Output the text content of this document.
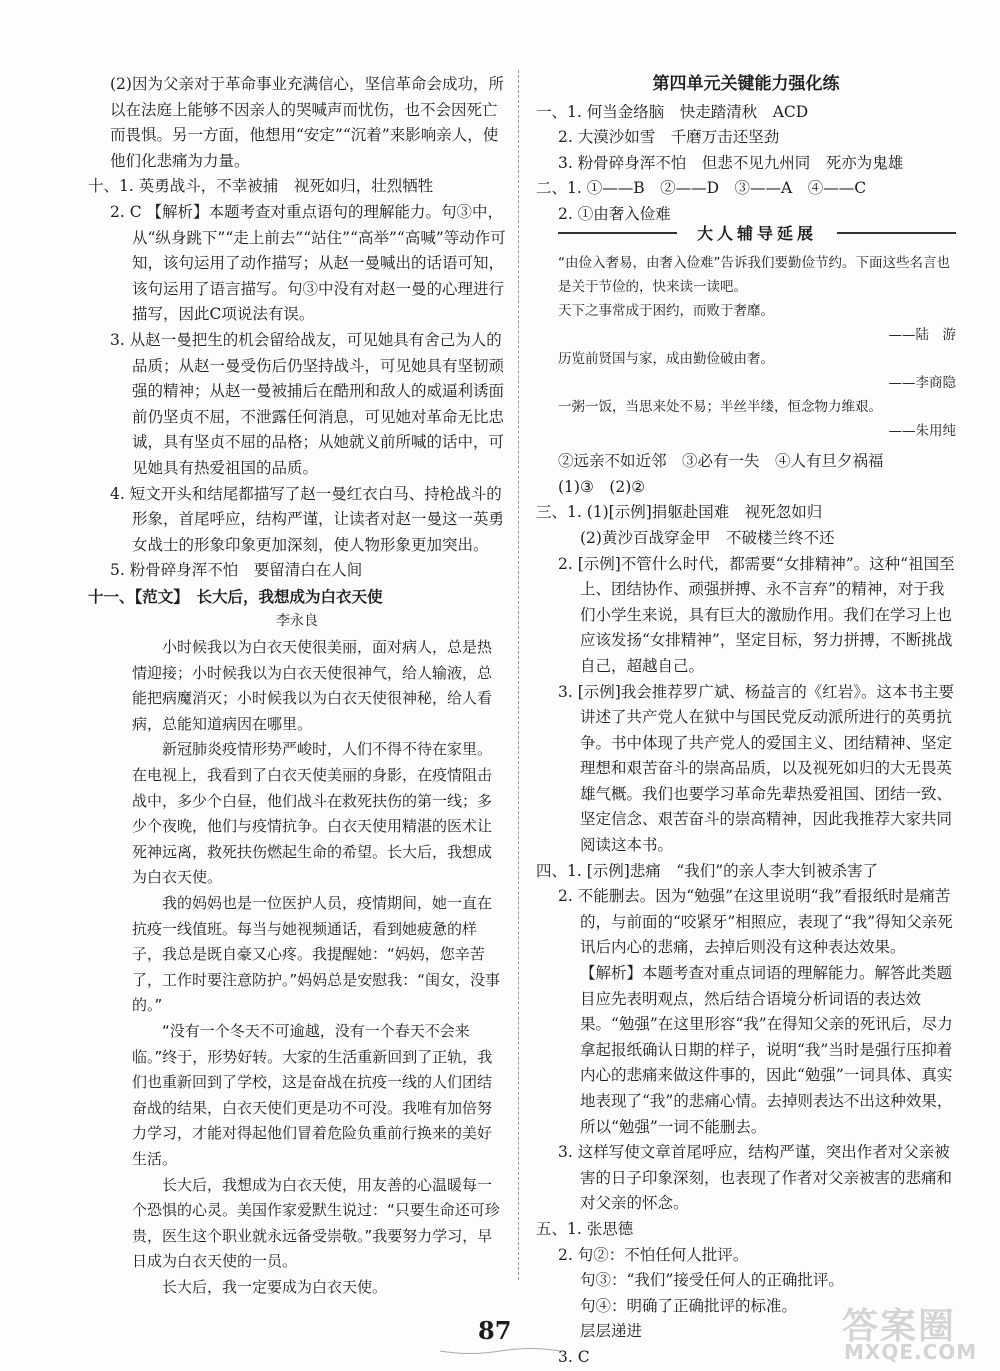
(2)因为父亲对于革命事业充满信心，坚信革命会成功，所以在法庭上能够不因亲人的哭喊声而忧伤，也不会因死亡而畏惧。另一方面，他想用“安定”“沉着”来影响亲人，使他们化悲痛为力量。

十、1. 英勇战斗，不幸被捕　视死如归，壮烈牺牲

2. C 【解析】本题考查对重点语句的理解能力。句③中，从“纵身跳下”“走上前去”“站住”“高举”“高喊”等动作可知，该句运用了动作描写；从赵一曼喊出的话语可知，该句运用了语言描写。句③中没有对赵一曼的心理进行描写，因此C项说法有误。

3. 从赵一曼把生的机会留给战友，可见她具有舍己为人的品质；从赵一曼受伤后仍坚持战斗，可见她具有坚韧顽强的精神；从赵一曼被捕后在酷刑和敌人的威逼利诱面前仍坚贞不屈，不泄露任何消息，可见她对革命无比忠诚，具有坚贞不屈的品格；从她就义前所喊的话中，可见她具有热爱祖国的品质。

4. 短文开头和结尾都描写了赵一曼红衣白马、持枪战斗的形象，首尾呼应，结构严谨，让读者对赵一曼这一英勇女战士的形象印象更加深刻，使人物形象更加突出。

5. 粉骨碎身浑不怕　要留清白在人间

十一、【范文】　长大后，我想成为白衣天使

李永良

小时候我以为白衣天使很美丽，面对病人，总是热情迎接；小时候我以为白衣天使很神气，给人输液，总能把病魔消灭；小时候我以为白衣天使很神秘，给人看病，总能知道病因在哪里。

新冠肺炎疫情形势严峻时，人们不得不待在家里。在电视上，我看到了白衣天使美丽的身影，在疫情阻击战中，多少个白昼，他们战斗在救死扶伤的第一线；多少个夜晚，他们与疫情抗争。白衣天使用精湛的医术让死神远离，救死扶伤燃起生命的希望。长大后，我想成为白衣天使。

我的妈妈也是一位医护人员，疫情期间，她一直在抗疫一线值班。每当与她视频通话，看到她疲惫的样子，我总是既自豪又心疼。我提醒她：“妈妈，您辛苦了，工作时要注意防护。”妈妈总是安慰我：“闺女，没事的。”

“没有一个冬天不可逾越，没有一个春天不会来临。”终于，形势好转。大家的生活重新回到了正轨，我们也重新回到了学校，这是奋战在抗疫一线的人们团结奋战的结果，白衣天使们更是功不可没。我唯有加倍努力学习，才能对得起他们冒着危险负重前行换来的美好生活。

长大后，我想成为白衣天使，用友善的心温暖每一个恐惧的心灵。美国作家爱默生说过：“只要生命还可珍贵，医生这个职业就永远备受崇敬。”我要努力学习，早日成为白衣天使的一员。

长大后，我一定要成为白衣天使。

第四单元关键能力强化练

一、1. 何当金络脑　快走踏清秋　ACD

2. 大漠沙如雪　千磨万击还坚劲

3. 粉骨碎身浑不怕　但悲不见九州同　死亦为鬼雄

二、1. ①——B　②——D　③——A　④——C

2. ①由奢入俭难

大人辅导延展

“由俭入奢易，由奢入俭难”告诉我们要勤俭节约。下面这些名言也是关于节俭的，快来读一读吧。

天下之事常成于困约，而败于奢靡。

——陆　游

历览前贤国与家，成由勤俭破由奢。

——李商隐

一粥一饭，当思来处不易；半丝半缕，恒念物力维艰。

——朱用纯

②远亲不如近邻　③必有一失　④人有旦夕祸福

(1)③　(2)②

三、1. (1)[示例]捐躯赴国难　视死忽如归

(2)黄沙百战穿金甲　不破楼兰终不还

2. [示例]不管什么时代，都需要“女排精神”。这种“祖国至上、团结协作、顽强拼搏、永不言弃”的精神，对于我们小学生来说，具有巨大的激励作用。我们在学习上也应该发扬“女排精神”，坚定目标，努力拼搏，不断挑战自己，超越自己。

3. [示例]我会推荐罗广斌、杨益言的《红岩》。这本书主要讲述了共产党人在狱中与国民党反动派所进行的英勇抗争。书中体现了共产党人的爱国主义、团结精神、坚定理想和艰苦奋斗的崇高品质，以及视死如归的大无畏英雄气概。我们也要学习革命先辈热爱祖国、团结一致、坚定信念、艰苦奋斗的崇高精神，因此我推荐大家共同阅读这本书。

四、1. [示例]悲痛　“我们”的亲人李大钊被杀害了

2. 不能删去。因为“勉强”在这里说明“我”看报纸时是痛苦的，与前面的“咬紧牙”相照应，表现了“我”得知父亲死讯后内心的悲痛，去掉后则没有这种表达效果。

【解析】本题考查对重点词语的理解能力。解答此类题目应先表明观点，然后结合语境分析词语的表达效果。“勉强”在这里形容“我”在得知父亲的死讯后，尽力拿起报纸确认日期的样子，说明“我”当时是强行压抑着内心的悲痛来做这件事的，因此“勉强”一词具体、真实地表现了“我”的悲痛心情。去掉则表达不出这种效果，所以“勉强”一词不能删去。

3. 这样写使文章首尾呼应，结构严谨，突出作者对父亲被害的日子印象深刻，也表现了作者对父亲被害的悲痛和对父亲的怀念。

五、1. 张思德

2. 句②：不怕任何人批评。

句③：“我们”接受任何人的正确批评。

句④：明确了正确批评的标准。

层层递进

3. C

87	答案圈
MXQE.COM
